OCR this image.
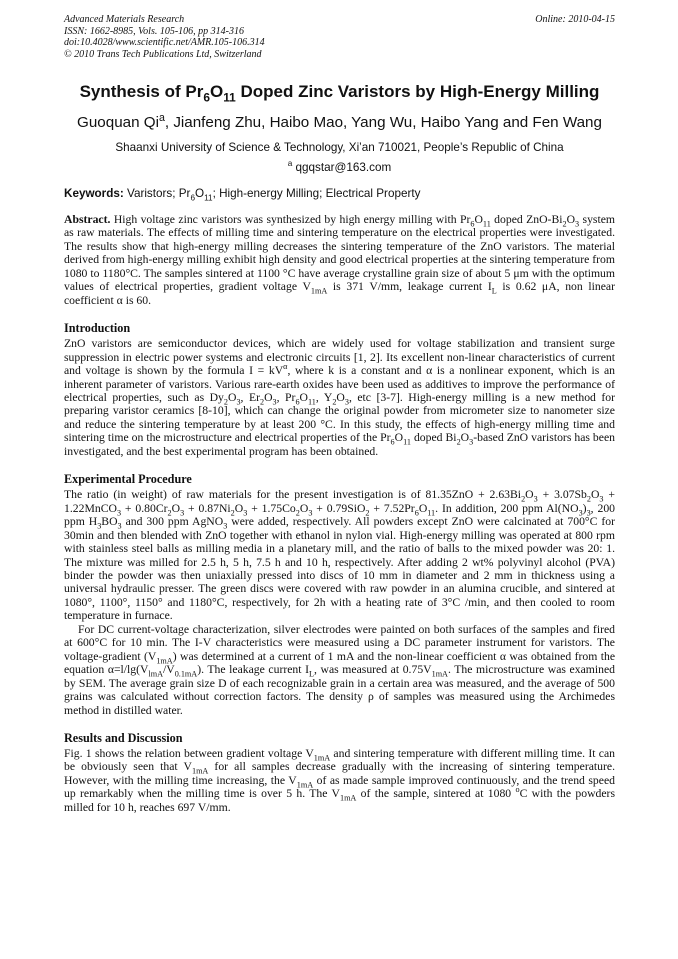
Advanced Materials Research
ISSN: 1662-8985, Vols. 105-106, pp 314-316
doi:10.4028/www.scientific.net/AMR.105-106.314
© 2010 Trans Tech Publications Ltd, Switzerland
Online: 2010-04-15
Synthesis of $Pr_6O_{11}$ Doped Zinc Varistors by High-Energy Milling
Guoquan Qi$^a$, Jianfeng Zhu, Haibo Mao, Yang Wu, Haibo Yang and Fen Wang
Shaanxi University of Science & Technology, Xi’an 710021, People’s Republic of China
$^a$ qgqstar@163.com
Keywords: Varistors; $Pr_6O_{11}$; High-energy Milling; Electrical Property

Abstract. High voltage zinc varistors was synthesized by high energy milling with $Pr_6O_{11}$ doped ZnO-$Bi_2O_3$ system as raw materials. The effects of milling time and sintering temperature on the electrical properties were investigated. The results show that high-energy milling decreases the sintering temperature of the ZnO varistors. The material derived from high-energy milling exhibit high density and good electrical properties at the sintering temperature from 1080 to 1180°C. The samples sintered at 1100 °C have average crystalline grain size of about 5 μm with the optimum values of electrical properties, gradient voltage $V_{1mA}$ is 371 V/mm, leakage current $I_L$ is 0.62 μA, non linear coefficient α is 60.

Introduction

ZnO varistors are semiconductor devices, which are widely used for voltage stabilization and transient surge suppression in electric power systems and electronic circuits [1, 2]. Its excellent non-linear characteristics of current and voltage is shown by the formula $I = kV^\alpha$, where k is a constant and α is a nonlinear exponent, which is an inherent parameter of varistors. Various rare-earth oxides have been used as additives to improve the performance of electrical properties, such as $Dy_2O_3$, $Er_2O_3$, $Pr_6O_{11}$, $Y_2O_3$, etc [3-7]. High-energy milling is a new method for preparing varistor ceramics [8-10], which can change the original powder from micrometer size to nanometer size and reduce the sintering temperature by at least 200 °C. In this study, the effects of high-energy milling time and sintering time on the microstructure and electrical properties of the $Pr_6O_{11}$ doped $Bi_2O_3$-based ZnO varistors has been investigated, and the best experimental program has been obtained.

Experimental Procedure

The ratio (in weight) of raw materials for the present investigation is of $81.35ZnO + 2.63Bi_2O_3 + 3.07Sb_2O_3$ + 1.22MnCO$_3$ + $0.80Cr_2O_3 + 0.87Ni_2O_3 + 1.75Co_2O_3 + 0.79SiO_2 + 7.52Pr_6O_{11}$. In addition, 200 ppm $Al(NO_3)_3$, 200 ppm $H_3BO_3$ and 300 ppm AgNO$_3$ were added, respectively. All powders except ZnO were calcinated at 700°C for 30min and then blended with ZnO together with ethanol in nylon vial. High-energy milling was operated at 800 rpm with stainless steel balls as milling media in a planetary mill, and the ratio of balls to the mixed powder was 20: 1. The mixture was milled for 2.5 h, 5 h, 7.5 h and 10 h, respectively. After adding 2 wt% polyvinyl alcohol (PVA) binder the powder was then uniaxially pressed into discs of 10 mm in diameter and 2 mm in thickness using a universal hydraulic presser. The green discs were covered with raw powder in an alumina crucible, and sintered at 1080°, 1100°, 1150° and 1180°C, respectively, for 2h with a heating rate of 3°C /min, and then cooled to room temperature in furnace.

For DC current-voltage characterization, silver electrodes were painted on both surfaces of the samples and fired at 600°C for 10 min. The I-V characteristics were measured using a DC parameter instrument for varistors. The voltage-gradient $(V_{1mA})$ was determined at a current of 1 mA and the non-linear coefficient α was obtained from the equation $\alpha=l/\lg(V_{lmA}/V_{0.1mA})$. The leakage current $I_L$, was measured at $0.75V_{1mA}$. The microstructure was examined by SEM. The average grain size D of each recognizable grain in a certain area was measured, and the average of 500 grains was calculated without correction factors. The density ρ of samples was measured using the Archimedes method in distilled water.

Results and Discussion

Fig. 1 shows the relation between gradient voltage $V_{1mA}$ and sintering temperature with different milling time. It can be obviously seen that $V_{1mA}$ for all samples decrease gradually with the increasing of sintering temperature. However, with the milling time increasing, the $V_{1mA}$ of as made sample improved continuously, and the trend speed up remarkably when the milling time is over 5 h. The $V_{1mA}$ of the sample, sintered at 1080 $^o$C with the powders milled for 10 h, reaches 697 V/mm.
